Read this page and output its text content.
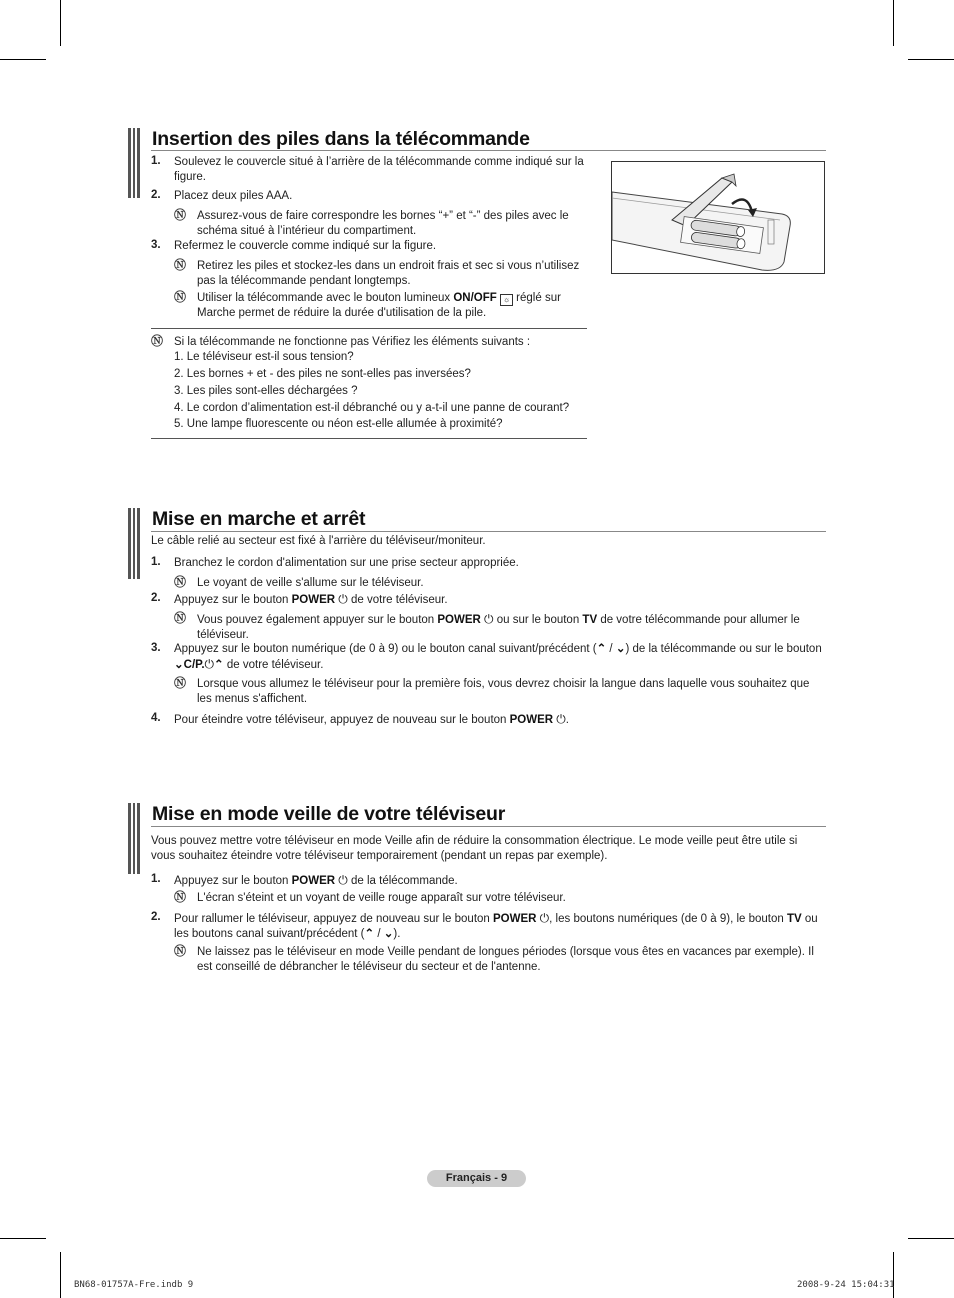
Insertion des piles dans la télécommande
1. Soulevez le couvercle situé à l’arrière de la télécommande comme indiqué sur la figure.
2. Placez deux piles AAA.
Ⓝ Assurez-vous de faire correspondre les bornes “+” et “-” des piles avec le schéma situé à l’intérieur du compartiment.
3. Refermez le couvercle comme indiqué sur la figure.
Ⓝ Retirez les piles et stockez-les dans un endroit frais et sec si vous n’utilisez pas la télécommande pendant longtemps.
Ⓝ Utiliser la télécommande avec le bouton lumineux ON/OFF ☼ réglé sur Marche permet de réduire la durée d'utilisation de la pile.
Ⓝ Si la télécommande ne fonctionne pas Vérifiez les éléments suivants :
1. Le téléviseur est-il sous tension?
2. Les bornes + et - des piles ne sont-elles pas inversées?
3. Les piles sont-elles déchargées ?
4. Le cordon d’alimentation est-il débranché ou y a-t-il une panne de courant?
5. Une lampe fluorescente ou néon est-elle allumée à proximité?
Mise en marche et arrêt
Le câble relié au secteur est fixé à l'arrière du téléviseur/moniteur.
1. Branchez le cordon d'alimentation sur une prise secteur appropriée.
Ⓝ Le voyant de veille s'allume sur le téléviseur.
2. Appuyez sur le bouton POWER ⏻ de votre téléviseur.
Ⓝ Vous pouvez également appuyer sur le bouton POWER ⏻ ou sur le bouton TV de votre télécommande pour allumer le téléviseur.
3. Appuyez sur le bouton numérique (de 0 à 9) ou le bouton canal suivant/précédent (⌃ / ⌄) de la télécommande ou sur le bouton ⌄C/P.⏻⌃ de votre téléviseur.
Ⓝ Lorsque vous allumez le téléviseur pour la première fois, vous devrez choisir la langue dans laquelle vous souhaitez que les menus s'affichent.
4. Pour éteindre votre téléviseur, appuyez de nouveau sur le bouton POWER ⏻.
Mise en mode veille de votre téléviseur
Vous pouvez mettre votre téléviseur en mode Veille afin de réduire la consommation électrique. Le mode veille peut être utile si vous souhaitez éteindre votre téléviseur temporairement (pendant un repas par exemple).
1. Appuyez sur le bouton POWER ⏻ de la télécommande.
Ⓝ L'écran s'éteint et un voyant de veille rouge apparaît sur votre téléviseur.
2. Pour rallumer le téléviseur, appuyez de nouveau sur le bouton POWER ⏻, les boutons numériques (de 0 à 9), le bouton TV ou les boutons canal suivant/précédent (⌃ / ⌄).
Ⓝ Ne laissez pas le téléviseur en mode Veille pendant de longues périodes (lorsque vous êtes en vacances par exemple). Il est conseillé de débrancher le téléviseur du secteur et de l'antenne.
Français - 9
BN68-01757A-Fre.indb 9	2008-9-24 15:04:31
